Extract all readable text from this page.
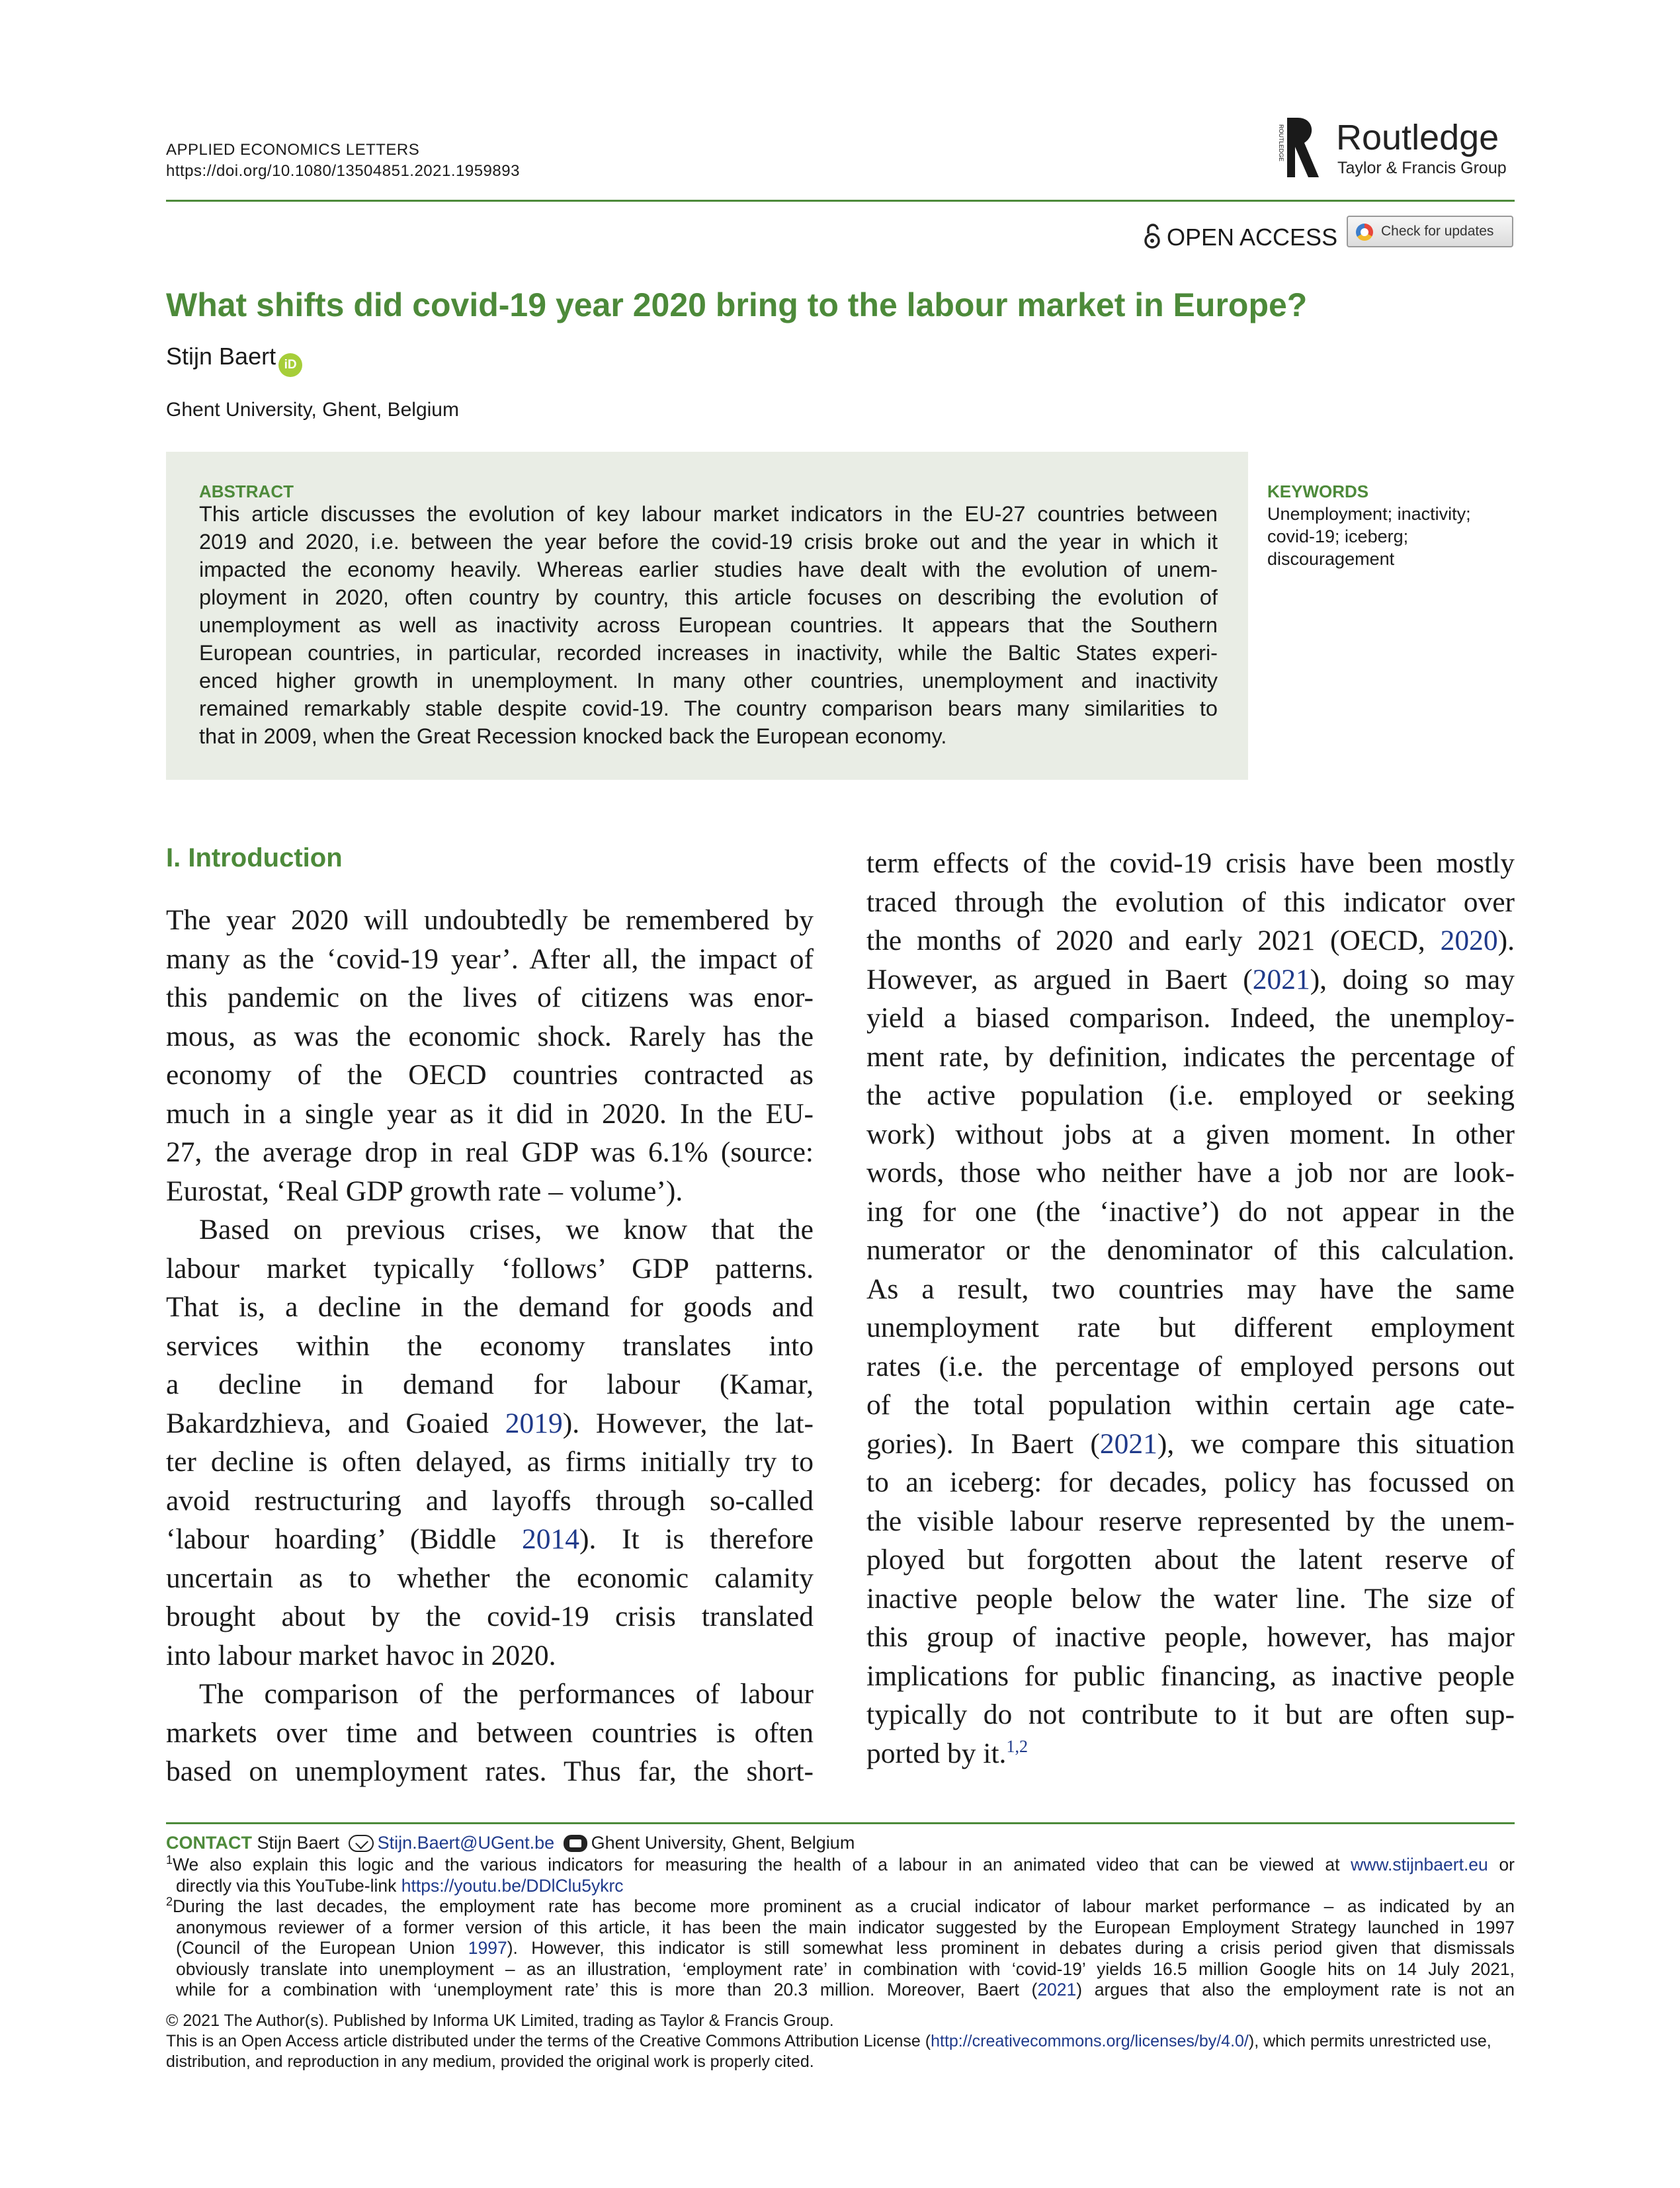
APPLIED ECONOMICS LETTERS
https://doi.org/10.1080/13504851.2021.1959893
ROUTLEDGE Routledge
Taylor & Francis Group
OPEN ACCESS	Check for updates
What shifts did covid-19 year 2020 bring to the labour market in Europe?
Stijn Baert iD
Ghent University, Ghent, Belgium
ABSTRACT
This article discusses the evolution of key labour market indicators in the EU-27 countries between
2019 and 2020, i.e. between the year before the covid-19 crisis broke out and the year in which it
impacted the economy heavily. Whereas earlier studies have dealt with the evolution of unem-
ployment in 2020, often country by country, this article focuses on describing the evolution of
unemployment as well as inactivity across European countries. It appears that the Southern
European countries, in particular, recorded increases in inactivity, while the Baltic States experi-
enced higher growth in unemployment. In many other countries, unemployment and inactivity
remained remarkably stable despite covid-19. The country comparison bears many similarities to
that in 2009, when the Great Recession knocked back the European economy.
KEYWORDS
Unemployment; inactivity;
covid-19; iceberg;
discouragement
I. Introduction
The year 2020 will undoubtedly be remembered by
many as the ‘covid-19 year’. After all, the impact of
this pandemic on the lives of citizens was enor-
mous, as was the economic shock. Rarely has the
economy of the OECD countries contracted as
much in a single year as it did in 2020. In the EU-
27, the average drop in real GDP was 6.1% (source:
Eurostat, ‘Real GDP growth rate – volume’).
Based on previous crises, we know that the
labour market typically ‘follows’ GDP patterns.
That is, a decline in the demand for goods and
services within the economy translates into
a decline in demand for labour (Kamar,
Bakardzhieva, and Goaied 2019). However, the lat-
ter decline is often delayed, as firms initially try to
avoid restructuring and layoffs through so-called
‘labour hoarding’ (Biddle 2014). It is therefore
uncertain as to whether the economic calamity
brought about by the covid-19 crisis translated
into labour market havoc in 2020.
The comparison of the performances of labour
markets over time and between countries is often
based on unemployment rates. Thus far, the short-
term effects of the covid-19 crisis have been mostly
traced through the evolution of this indicator over
the months of 2020 and early 2021 (OECD, 2020).
However, as argued in Baert (2021), doing so may
yield a biased comparison. Indeed, the unemploy-
ment rate, by definition, indicates the percentage of
the active population (i.e. employed or seeking
work) without jobs at a given moment. In other
words, those who neither have a job nor are look-
ing for one (the ‘inactive’) do not appear in the
numerator or the denominator of this calculation.
As a result, two countries may have the same
unemployment rate but different employment
rates (i.e. the percentage of employed persons out
of the total population within certain age cate-
gories). In Baert (2021), we compare this situation
to an iceberg: for decades, policy has focussed on
the visible labour reserve represented by the unem-
ployed but forgotten about the latent reserve of
inactive people below the water line. The size of
this group of inactive people, however, has major
implications for public financing, as inactive people
typically do not contribute to it but are often sup-
ported by it.$^{1,2}$
CONTACT Stijn Baert Stijn.Baert@UGent.be Ghent University, Ghent, Belgium
$^1$We also explain this logic and the various indicators for measuring the health of a labour in an animated video that can be viewed at www.stijnbaert.eu or
directly via this YouTube-link https://youtu.be/DDlClu5ykrc
$^2$During the last decades, the employment rate has become more prominent as a crucial indicator of labour market performance – as indicated by an
anonymous reviewer of a former version of this article, it has been the main indicator suggested by the European Employment Strategy launched in 1997
(Council of the European Union 1997). However, this indicator is still somewhat less prominent in debates during a crisis period given that dismissals
obviously translate into unemployment – as an illustration, ‘employment rate’ in combination with ‘covid-19’ yields 16.5 million Google hits on 14 July 2021,
while for a combination with ‘unemployment rate’ this is more than 20.3 million. Moreover, Baert (2021) argues that also the employment rate is not an
© 2021 The Author(s). Published by Informa UK Limited, trading as Taylor & Francis Group.
This is an Open Access article distributed under the terms of the Creative Commons Attribution License (http://creativecommons.org/licenses/by/4.0/), which permits unrestricted use,
distribution, and reproduction in any medium, provided the original work is properly cited.
